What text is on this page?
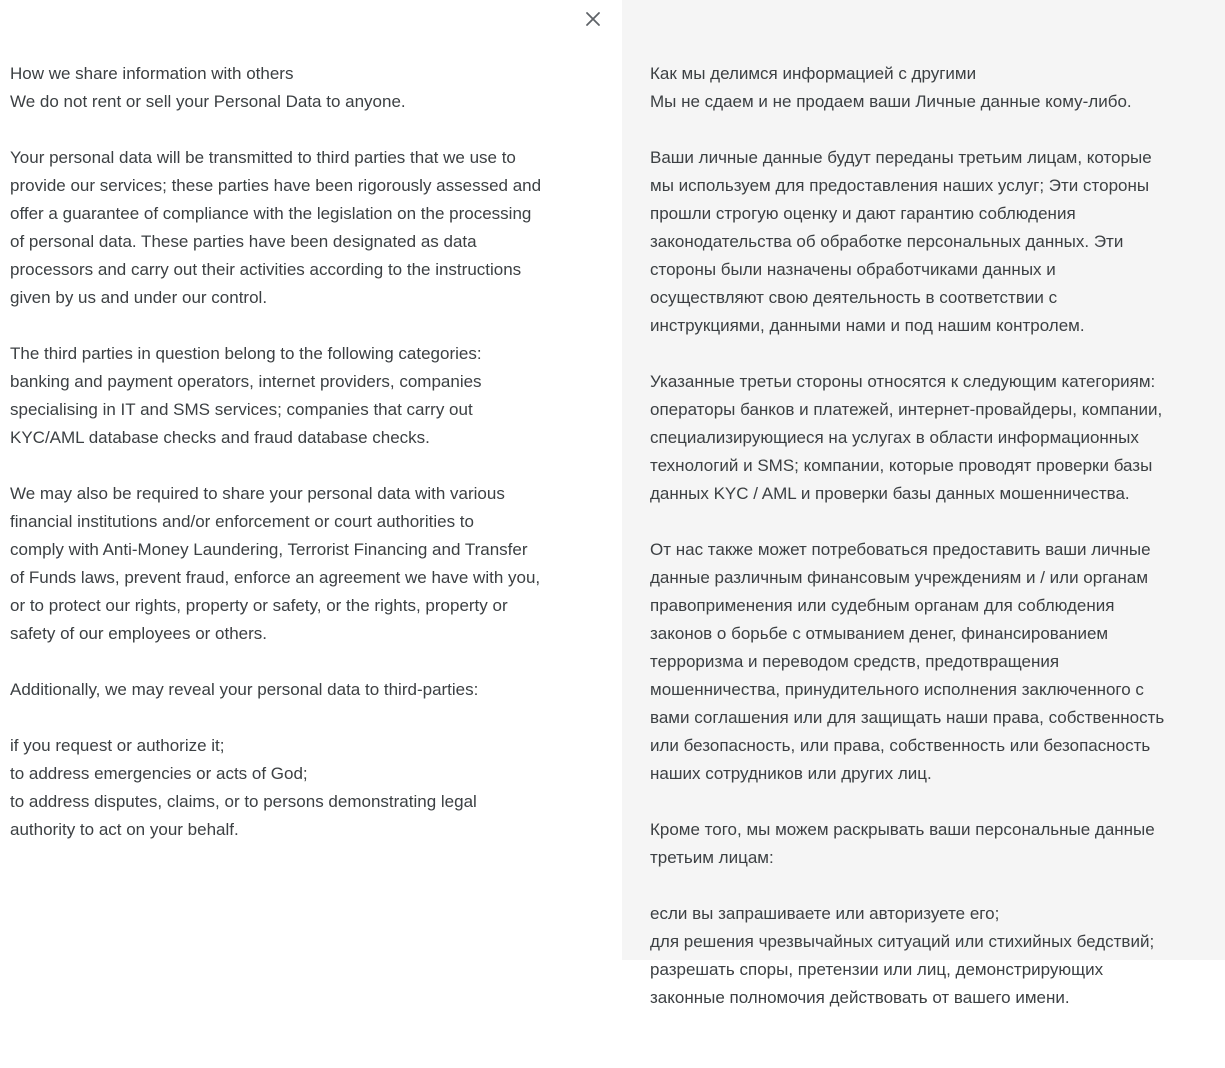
How we share information with others
We do not rent or sell your Personal Data to anyone.

Your personal data will be transmitted to third parties that we use to
provide our services; these parties have been rigorously assessed and
offer a guarantee of compliance with the legislation on the processing
of personal data. These parties have been designated as data
processors and carry out their activities according to the instructions
given by us and under our control.

The third parties in question belong to the following categories:
banking and payment operators, internet providers, companies
specialising in IT and SMS services; companies that carry out
KYC/AML database checks and fraud database checks.

We may also be required to share your personal data with various
financial institutions and/or enforcement or court authorities to
comply with Anti-Money Laundering, Terrorist Financing and Transfer
of Funds laws, prevent fraud, enforce an agreement we have with you,
or to protect our rights, property or safety, or the rights, property or
safety of our employees or others.

Additionally, we may reveal your personal data to third-parties:

if you request or authorize it;
to address emergencies or acts of God;
to address disputes, claims, or to persons demonstrating legal
authority to act on your behalf.

Как мы делимся информацией с другими
Мы не сдаем и не продаем ваши Личные данные кому-либо.

Ваши личные данные будут переданы третьим лицам, которые
мы используем для предоставления наших услуг; Эти стороны
прошли строгую оценку и дают гарантию соблюдения
законодательства об обработке персональных данных. Эти
стороны были назначены обработчиками данных и
осуществляют свою деятельность в соответствии с
инструкциями, данными нами и под нашим контролем.

Указанные третьи стороны относятся к следующим категориям:
операторы банков и платежей, интернет-провайдеры, компании,
специализирующиеся на услугах в области информационных
технологий и SMS; компании, которые проводят проверки базы
данных KYC / AML и проверки базы данных мошенничества.

От нас также может потребоваться предоставить ваши личные
данные различным финансовым учреждениям и / или органам
правоприменения или судебным органам для соблюдения
законов о борьбе с отмыванием денег, финансированием
терроризма и переводом средств, предотвращения
мошенничества, принудительного исполнения заключенного с
вами соглашения или для защищать наши права, собственность
или безопасность, или права, собственность или безопасность
наших сотрудников или других лиц.

Кроме того, мы можем раскрывать ваши персональные данные
третьим лицам:

если вы запрашиваете или авторизуете его;
для решения чрезвычайных ситуаций или стихийных бедствий;
разрешать споры, претензии или лиц, демонстрирующих
законные полномочия действовать от вашего имени.
